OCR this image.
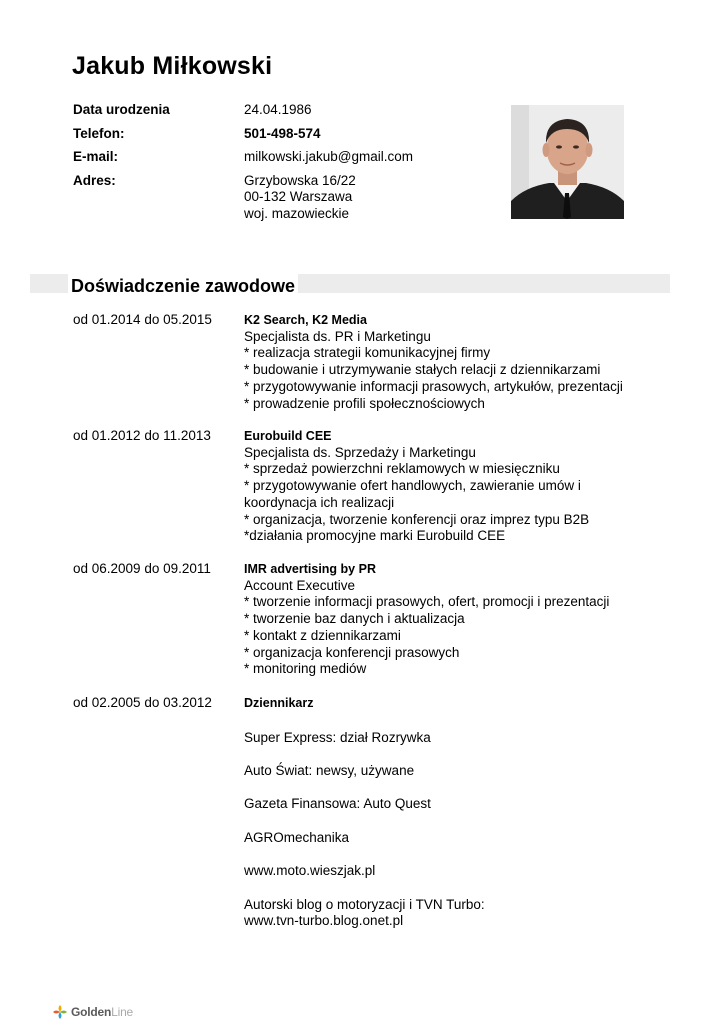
Jakub Miłkowski
Data urodzenia	24.04.1986
Telefon:	501-498-574
E-mail:	milkowski.jakub@gmail.com
Adres:	Grzybowska 16/22
00-132 Warszawa
woj. mazowieckie
Doświadczenie zawodowe
od 01.2014 do 05.2015	K2 Search, K2 Media
Specjalista ds. PR i Marketingu
* realizacja strategii komunikacyjnej firmy
* budowanie i utrzymywanie stałych relacji z dziennikarzami
* przygotowywanie informacji prasowych, artykułów, prezentacji
* prowadzenie profili społecznościowych
od 01.2012 do 11.2013	Eurobuild CEE
Specjalista ds. Sprzedaży i Marketingu
* sprzedaż powierzchni reklamowych w miesięczniku
* przygotowywanie ofert handlowych, zawieranie umów i
koordynacja ich realizacji
* organizacja, tworzenie konferencji oraz imprez typu B2B
*działania promocyjne marki Eurobuild CEE
od 06.2009 do 09.2011	IMR advertising by PR
Account Executive
* tworzenie informacji prasowych, ofert, promocji i prezentacji
* tworzenie baz danych i aktualizacja
* kontakt z dziennikarzami
* organizacja konferencji prasowych
* monitoring mediów
od 02.2005 do 03.2012	Dziennikarz
Super Express: dział Rozrywka
Auto Świat: newsy, używane
Gazeta Finansowa: Auto Quest
AGROmechanika
www.moto.wieszjak.pl
Autorski blog o motoryzacji i TVN Turbo:
www.tvn-turbo.blog.onet.pl
GoldenLine
